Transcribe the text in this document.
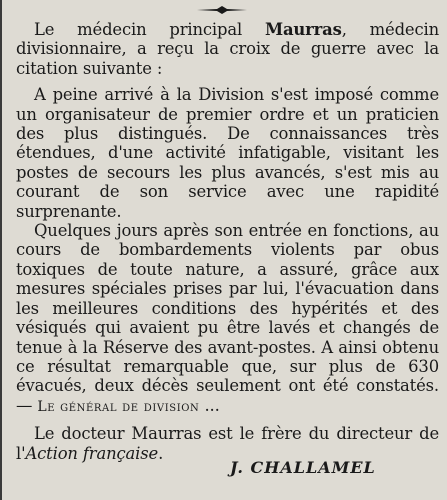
Le médecin principal Maurras, médecin divisionnaire, a reçu la croix de guerre avec la citation suivante :

A peine arrivé à la Division s'est imposé comme un organisateur de premier ordre et un praticien des plus distingués. De connaissances très étendues, d'une activité infatigable, visitant les postes de secours les plus avancés, s'est mis au courant de son service avec une rapidité surprenante.

Quelques jours après son entrée en fonctions, au cours de bombardements violents par obus toxiques de toute nature, a assuré, grâce aux mesures spéciales prises par lui, l'évacuation dans les meilleures conditions des hypérités et des vésiqués qui avaient pu être lavés et changés de tenue à la Réserve des avant-postes. A ainsi obtenu ce résultat remarquable que, sur plus de 630 évacués, deux décès seulement ont été constatés. — Le général de division ...

Le docteur Maurras est le frère du directeur de l'Action française.

J. CHALLAMEL
